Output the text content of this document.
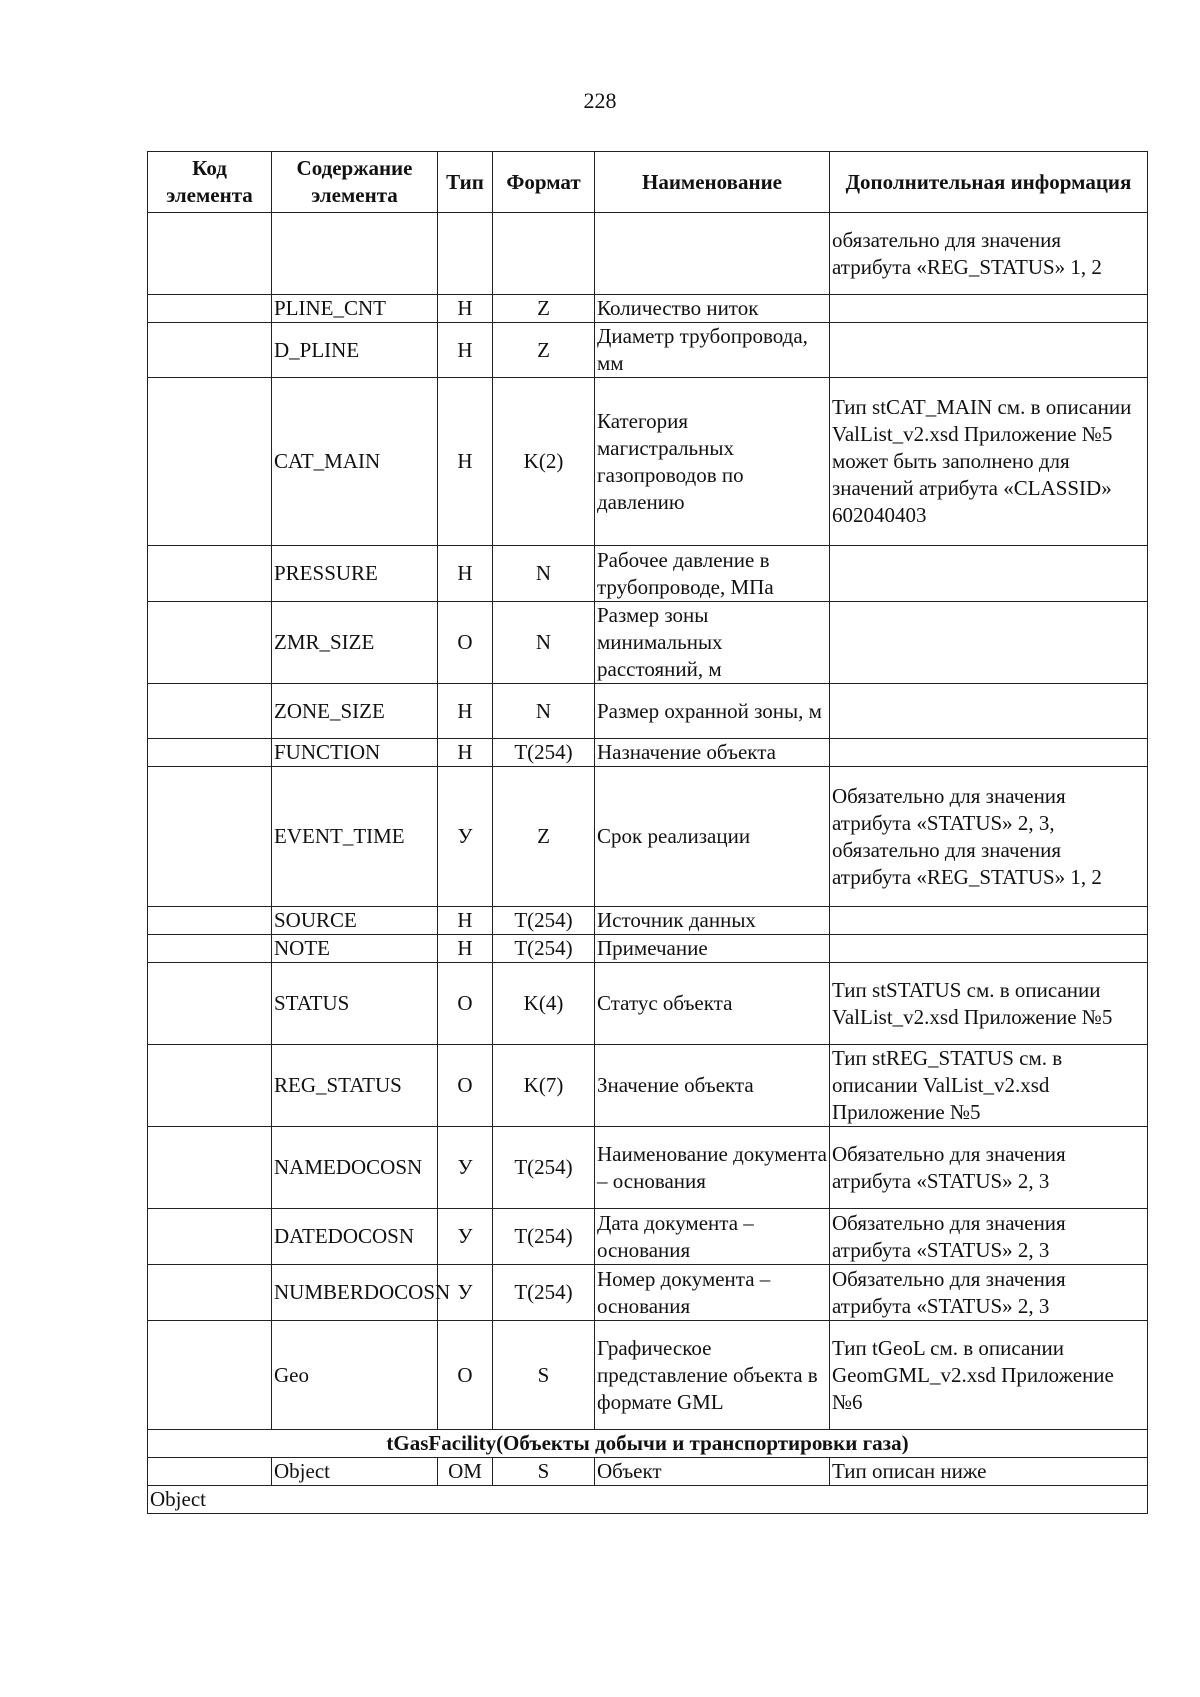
228
Код элемента	Содержание элемента	Тип	Формат	Наименование	Дополнительная информация
					обязательно для значения атрибута «REG_STATUS» 1, 2
	PLINE_CNT	Н	Z	Количество ниток	
	D_PLINE	Н	Z	Диаметр трубопровода, мм	
	CAT_MAIN	Н	K(2)	Категория магистральных газопроводов по давлению	Тип stCAT_MAIN см. в описании ValList_v2.xsd Приложение №5 может быть заполнено для значений атрибута «CLASSID» 602040403
	PRESSURE	Н	N	Рабочее давление в трубопроводе, МПа	
	ZMR_SIZE	О	N	Размер зоны минимальных расстояний, м	
	ZONE_SIZE	Н	N	Размер охранной зоны, м	
	FUNCTION	Н	T(254)	Назначение объекта	
	EVENT_TIME	У	Z	Срок реализации	Обязательно для значения атрибута «STATUS» 2, 3, обязательно для значения атрибута «REG_STATUS» 1, 2
	SOURCE	Н	T(254)	Источник данных	
	NOTE	Н	T(254)	Примечание	
	STATUS	О	K(4)	Статус объекта	Тип stSTATUS см. в описании ValList_v2.xsd Приложение №5
	REG_STATUS	О	K(7)	Значение объекта	Тип stREG_STATUS см. в описании ValList_v2.xsd Приложение №5
	NAMEDOCOSN	У	T(254)	Наименование документа – основания	Обязательно для значения атрибута «STATUS» 2, 3
	DATEDOCOSN	У	T(254)	Дата документа – основания	Обязательно для значения атрибута «STATUS» 2, 3
	NUMBERDOCOSN	У	T(254)	Номер документа – основания	Обязательно для значения атрибута «STATUS» 2, 3
	Geo	О	S	Графическое представление объекта в формате GML	Тип tGeoL см. в описании GeomGML_v2.xsd Приложение №6
tGasFacility(Объекты добычи и транспортировки газа)					
	Object	ОМ	S	Объект	Тип описан ниже
Object					
